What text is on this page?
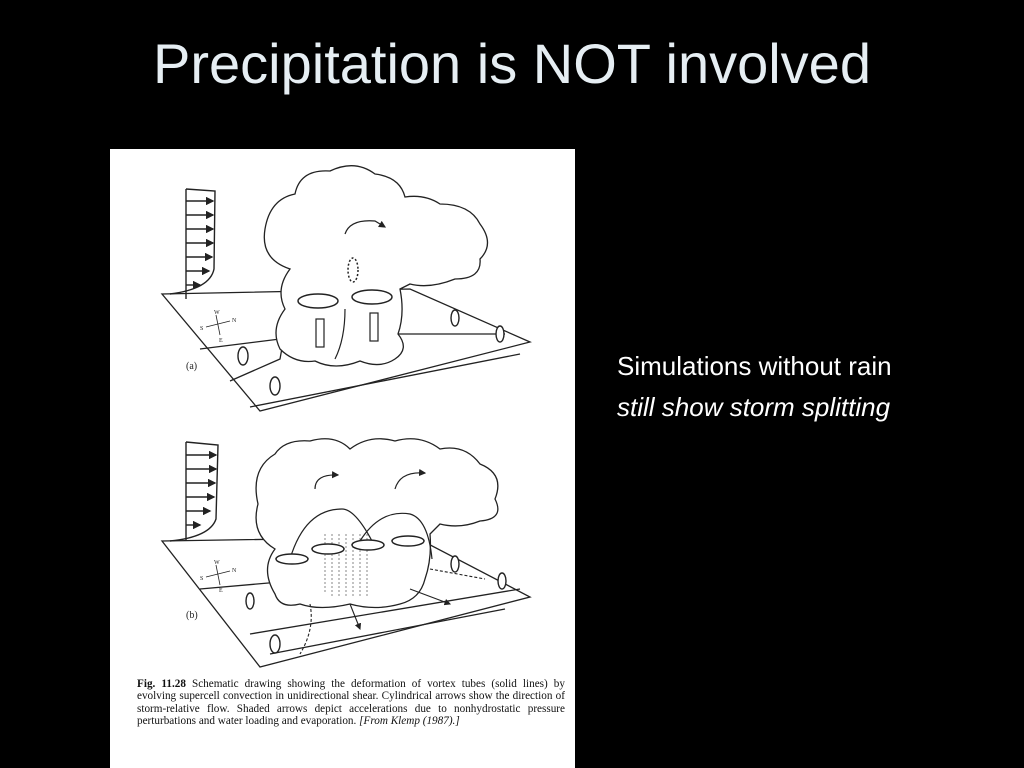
Precipitation is NOT involved
S
N
W
E
(a)
S
N
W
E
(b)
Fig. 11.28 Schematic drawing showing the deformation of vortex tubes (solid lines) by evolving supercell convection in unidirectional shear. Cylindrical arrows show the direction of storm-relative flow. Shaded arrows depict accelerations due to nonhydrostatic pressure perturbations and water loading and evaporation. [From Klemp (1987).]
Simulations without rain
still show storm splitting
